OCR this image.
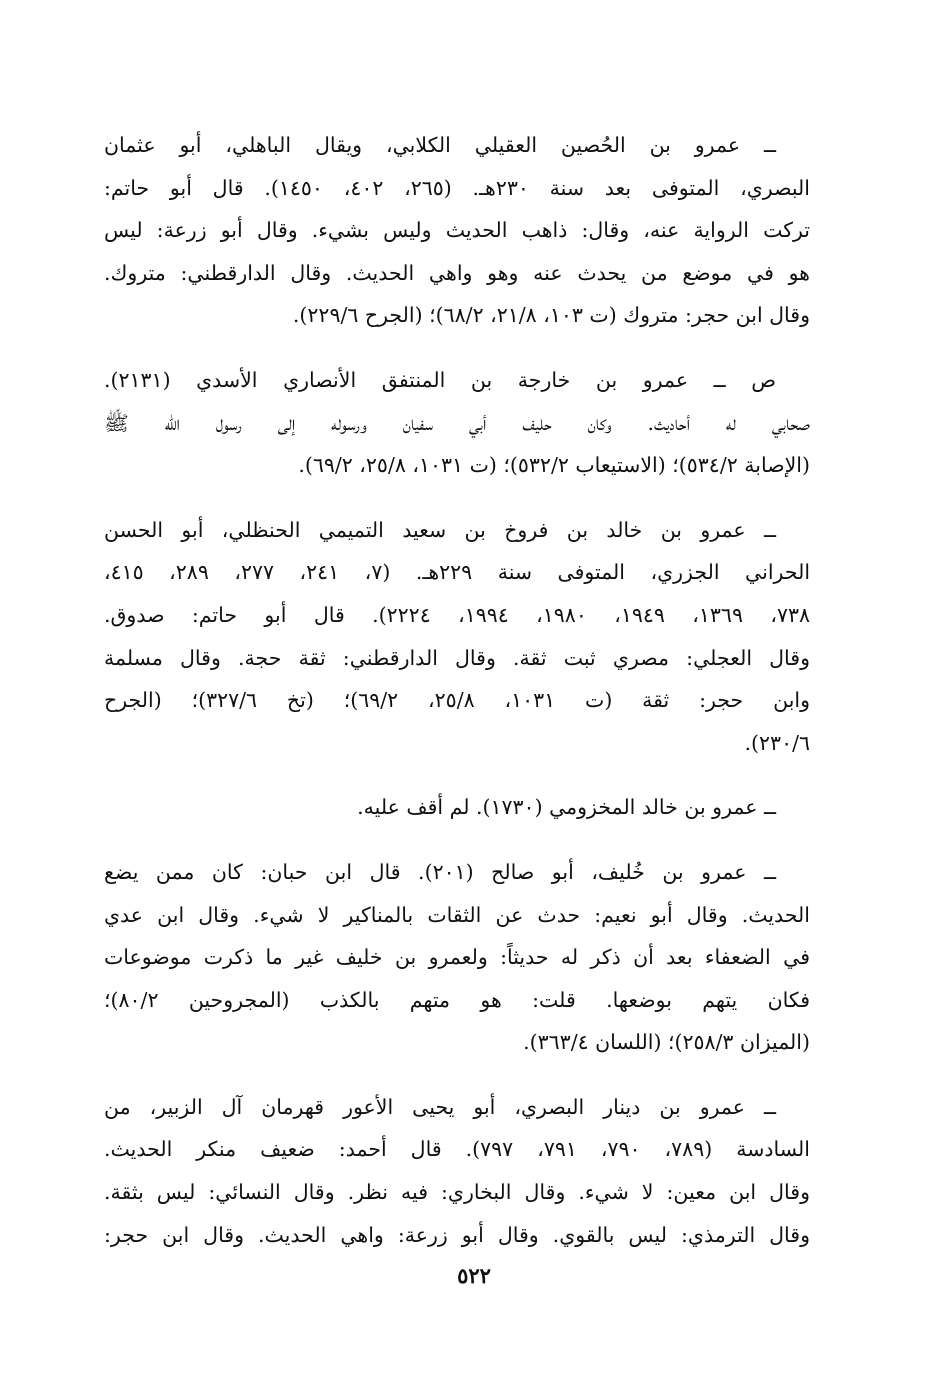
ــ عمرو بن الحُصين العقيلي الكلابي، ويقال الباهلي، أبو عثمان
البصري، المتوفى بعد سنة ٢٣٠هـ. (٢٦٥، ٤٠٢، ١٤٥٠). قال أبو حاتم:
تركت الرواية عنه، وقال: ذاهب الحديث وليس بشيء. وقال أبو زرعة: ليس
هو في موضع من يحدث عنه وهو واهي الحديث. وقال الدارقطني: متروك.
وقال ابن حجر: متروك (ت ١٠٣، ٢١/٨، ٦٨/٢)؛ (الجرح ٢٢٩/٦).
ص ــ عمرو بن خارجة بن المنتفق الأنصاري الأسدي (٢١٣١).
صحابي له أحاديث. وكان حليف أبي سفيان ورسوله إلى رسول الله ﷺ
(الإصابة ٥٣٤/٢)؛ (الاستيعاب ٥٣٢/٢)؛ (ت ١٠٣١، ٢٥/٨، ٦٩/٢).
ــ عمرو بن خالد بن فروخ بن سعيد التميمي الحنظلي، أبو الحسن
الحراني الجزري، المتوفى سنة ٢٢٩هـ. (٧، ٢٤١، ٢٧٧، ٢٨٩، ٤١٥،
٧٣٨، ١٣٦٩، ١٩٤٩، ١٩٨٠، ١٩٩٤، ٢٢٢٤). قال أبو حاتم: صدوق.
وقال العجلي: مصري ثبت ثقة. وقال الدارقطني: ثقة حجة. وقال مسلمة
وابن حجر: ثقة (ت ١٠٣١، ٢٥/٨، ٦٩/٢)؛ (تخ ٣٢٧/٦)؛ (الجرح
٢٣٠/٦).
ــ عمرو بن خالد المخزومي (١٧٣٠). لم أقف عليه.
ــ عمرو بن خُليف، أبو صالح (٢٠١). قال ابن حبان: كان ممن يضع
الحديث. وقال أبو نعيم: حدث عن الثقات بالمناكير لا شيء. وقال ابن عدي
في الضعفاء بعد أن ذكر له حديثاً: ولعمرو بن خليف غير ما ذكرت موضوعات
فكان يتهم بوضعها. قلت: هو متهم بالكذب (المجروحين ٨٠/٢)؛
(الميزان ٢٥٨/٣)؛ (اللسان ٣٦٣/٤).
ــ عمرو بن دينار البصري، أبو يحيى الأعور قهرمان آل الزبير، من
السادسة (٧٨٩، ٧٩٠، ٧٩١، ٧٩٧). قال أحمد: ضعيف منكر الحديث.
وقال ابن معين: لا شيء. وقال البخاري: فيه نظر. وقال النسائي: ليس بثقة.
وقال الترمذي: ليس بالقوي. وقال أبو زرعة: واهي الحديث. وقال ابن حجر:
٥٢٢
